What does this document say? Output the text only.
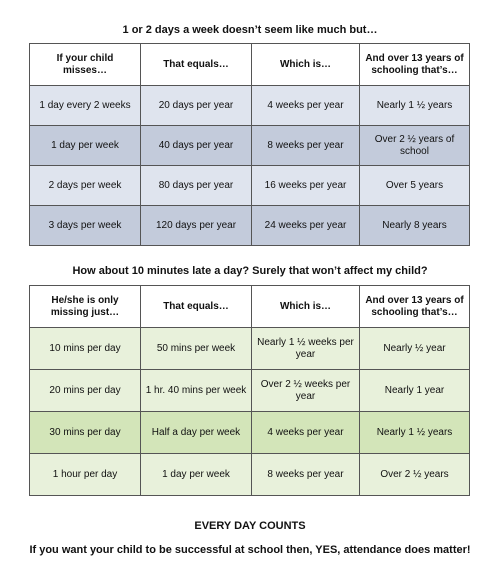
1 or 2 days a week doesn’t seem like much but…
If your child misses…	That equals…	Which is…	And over 13 years of schooling that’s…
1 day every 2 weeks	20 days per year	4 weeks per year	Nearly 1 ½ years
1 day per week	40 days per year	8 weeks per year	Over 2 ½ years of school
2 days per week	80 days per year	16 weeks per year	Over 5 years
3 days per week	120 days per year	24 weeks per year	Nearly 8 years
How about 10 minutes late a day? Surely that won’t affect my child?
He/she is only missing just…	That equals…	Which is…	And over 13 years of schooling that’s…
10 mins per day	50 mins per week	Nearly 1 ½ weeks per year	Nearly ½ year
20 mins per day	1 hr. 40 mins per week	Over 2 ½ weeks per year	Nearly 1 year
30 mins per day	Half a day per week	4 weeks per year	Nearly 1 ½ years
1 hour per day	1 day per week	8 weeks per year	Over 2 ½ years
EVERY DAY COUNTS
If you want your child to be successful at school then, YES, attendance does matter!
